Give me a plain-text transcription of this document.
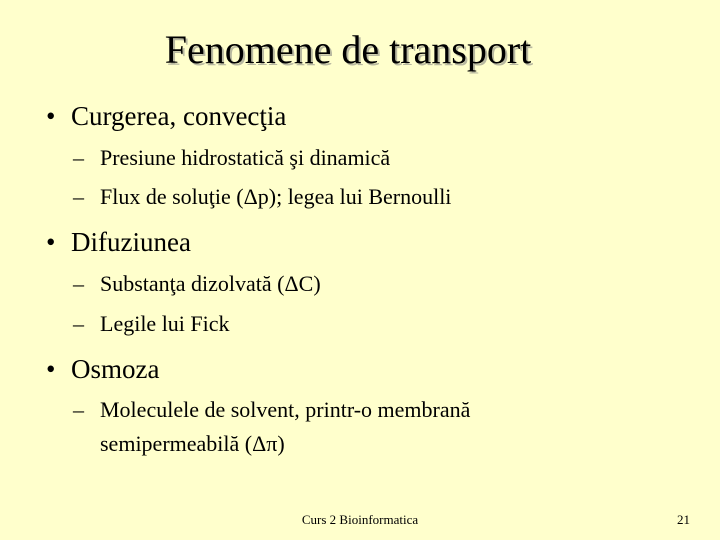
Fenomene de transport
• Curgerea, convecţia
– Presiune hidrostatică şi dinamică
– Flux de soluţie (Δp); legea lui Bernoulli
• Difuziunea
– Substanţa dizolvată (ΔC)
– Legile lui Fick
• Osmoza
– Moleculele de solvent, printr-o membrană
semipermeabilă (Δπ)
Curs 2 Bioinformatica	21
